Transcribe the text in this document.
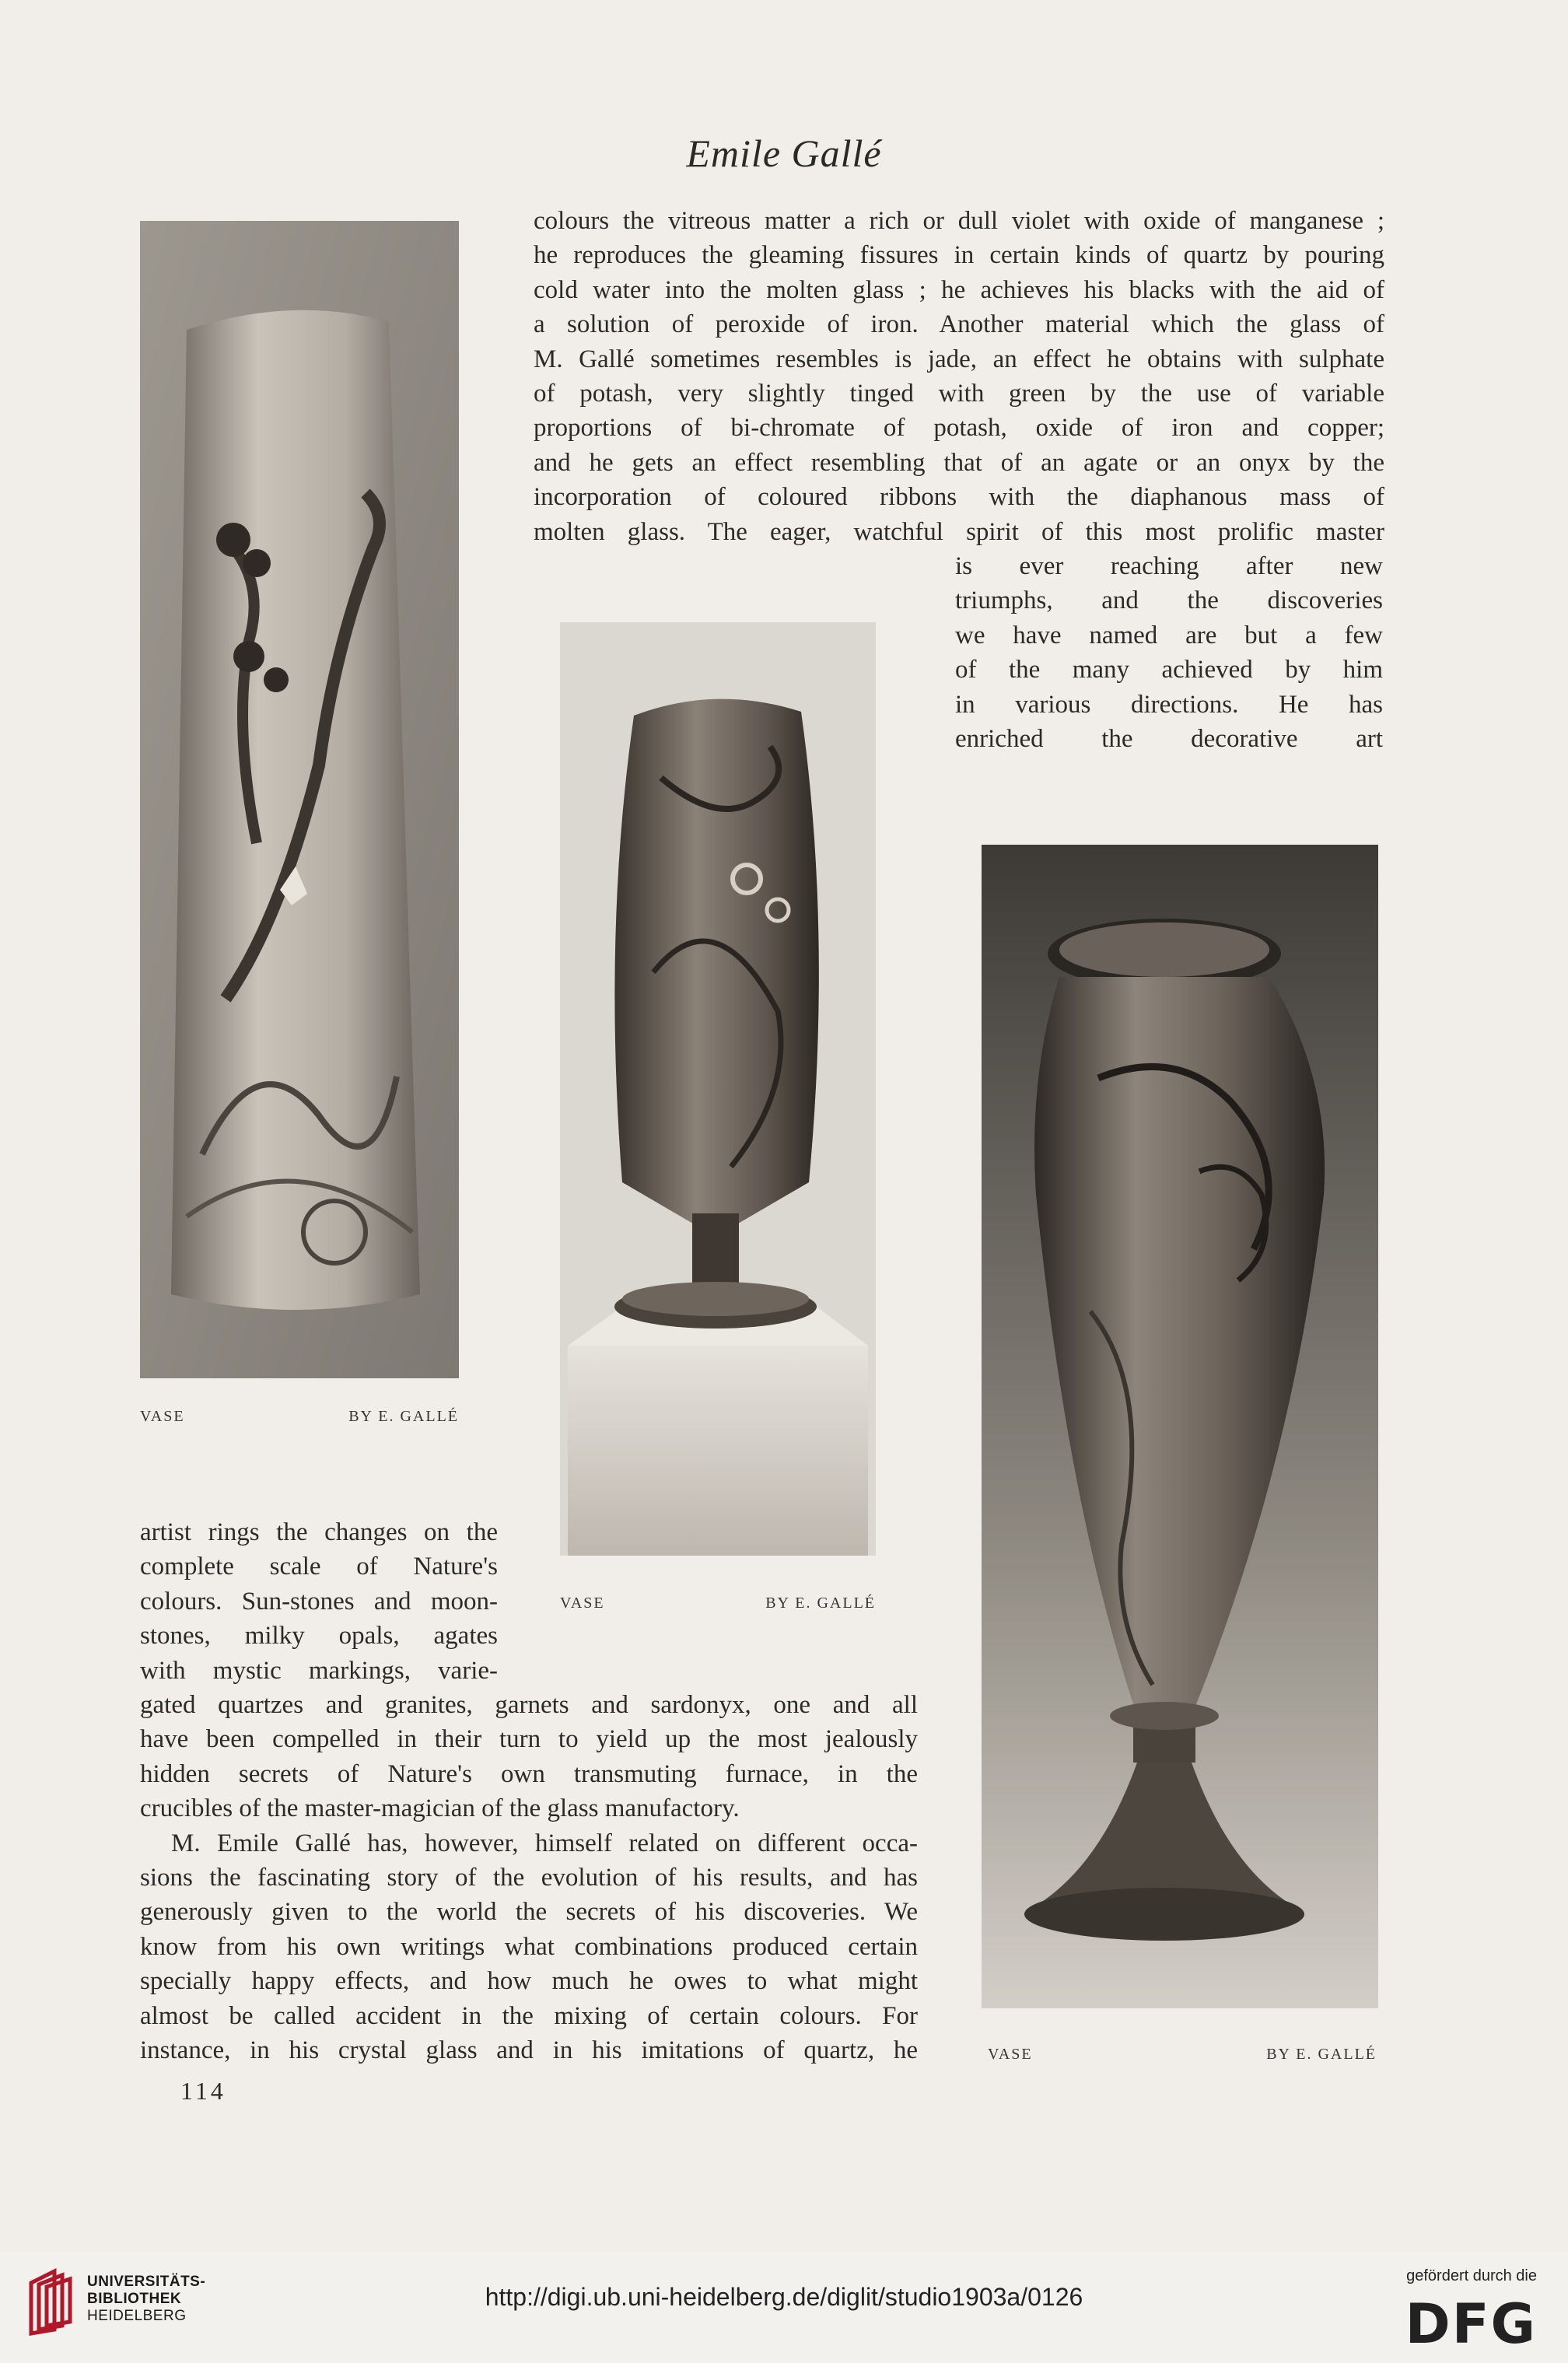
Emile Gallé
VASE	BY E. GALLÉ
VASE	BY E. GALLÉ
VASE	BY E. GALLÉ
colours the vitreous matter a rich or dull violet with oxide of manganese ;
he reproduces the gleaming fissures in certain kinds of quartz by pouring
cold water into the molten glass ; he achieves his blacks with the aid of
a solution of peroxide of iron. Another material which the glass of
M. Gallé sometimes resembles is jade, an effect he obtains with sulphate
of potash, very slightly tinged with green by the use of variable
proportions of bi-chromate of potash, oxide of iron and copper;
and he gets an effect resembling that of an agate or an onyx by the
incorporation of coloured ribbons with the diaphanous mass of
molten glass. The eager, watchful spirit of this most prolific master
is ever reaching after new
triumphs, and the discoveries
we have named are but a few
of the many achieved by him
in various directions. He has
enriched the decorative art
artist rings the changes on the
complete scale of Nature's
colours. Sun-stones and moon-
stones, milky opals, agates
with mystic markings, varie-
gated quartzes and granites, garnets and sardonyx, one and all
have been compelled in their turn to yield up the most jealously
hidden secrets of Nature's own transmuting furnace, in the
crucibles of the master-magician of the glass manufactory.
M. Emile Gallé has, however, himself related on different occa-
sions the fascinating story of the evolution of his results, and has
generously given to the world the secrets of his discoveries. We
know from his own writings what combinations produced certain
specially happy effects, and how much he owes to what might
almost be called accident in the mixing of certain colours. For
instance, in his crystal glass and in his imitations of quartz, he
114
UNIVERSITÄTS-
BIBLIOTHEK
HEIDELBERG
http://digi.ub.uni-heidelberg.de/diglit/studio1903a/0126
gefördert durch die
DFG
